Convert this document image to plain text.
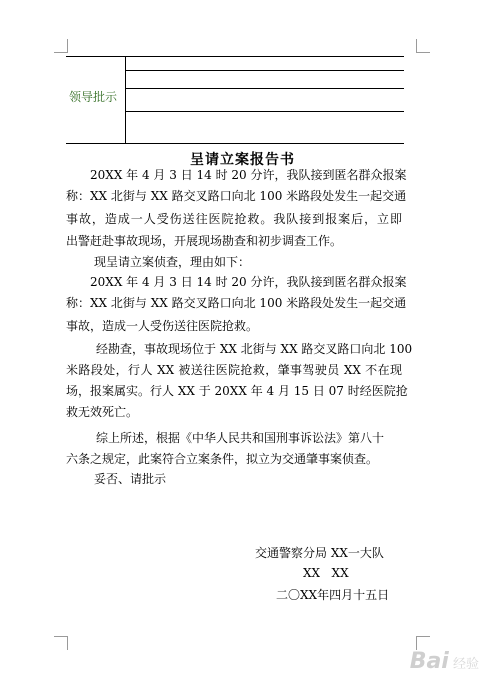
领导批示
呈请立案报告书
20XX 年 4 月 3 日 14 时 20 分许，我队接到匿名群众报案
称：XX 北街与 XX 路交叉路口向北 100 米路段处发生一起交通
事故，造成一人受伤送往医院抢救。我队接到报案后，立即
出警赶赴事故现场，开展现场勘查和初步调查工作。
现呈请立案侦查，理由如下：
20XX 年 4 月 3 日 14 时 20 分许，我队接到匿名群众报案
称：XX 北街与 XX 路交叉路口向北 100 米路段处发生一起交通
事故，造成一人受伤送往医院抢救。
经勘查，事故现场位于 XX 北街与 XX 路交叉路口向北 100
米路段处，行人 XX 被送往医院抢救，肇事驾驶员 XX 不在现
场，报案属实。行人 XX 于 20XX 年 4 月 15 日 07 时经医院抢
救无效死亡。
综上所述，根据《中华人民共和国刑事诉讼法》第八十
六条之规定，此案符合立案条件，拟立为交通肇事案侦查。
妥否、请批示
交通警察分局 XX一大队
XX   XX
二〇XX年四月十五日
Bai 经验
